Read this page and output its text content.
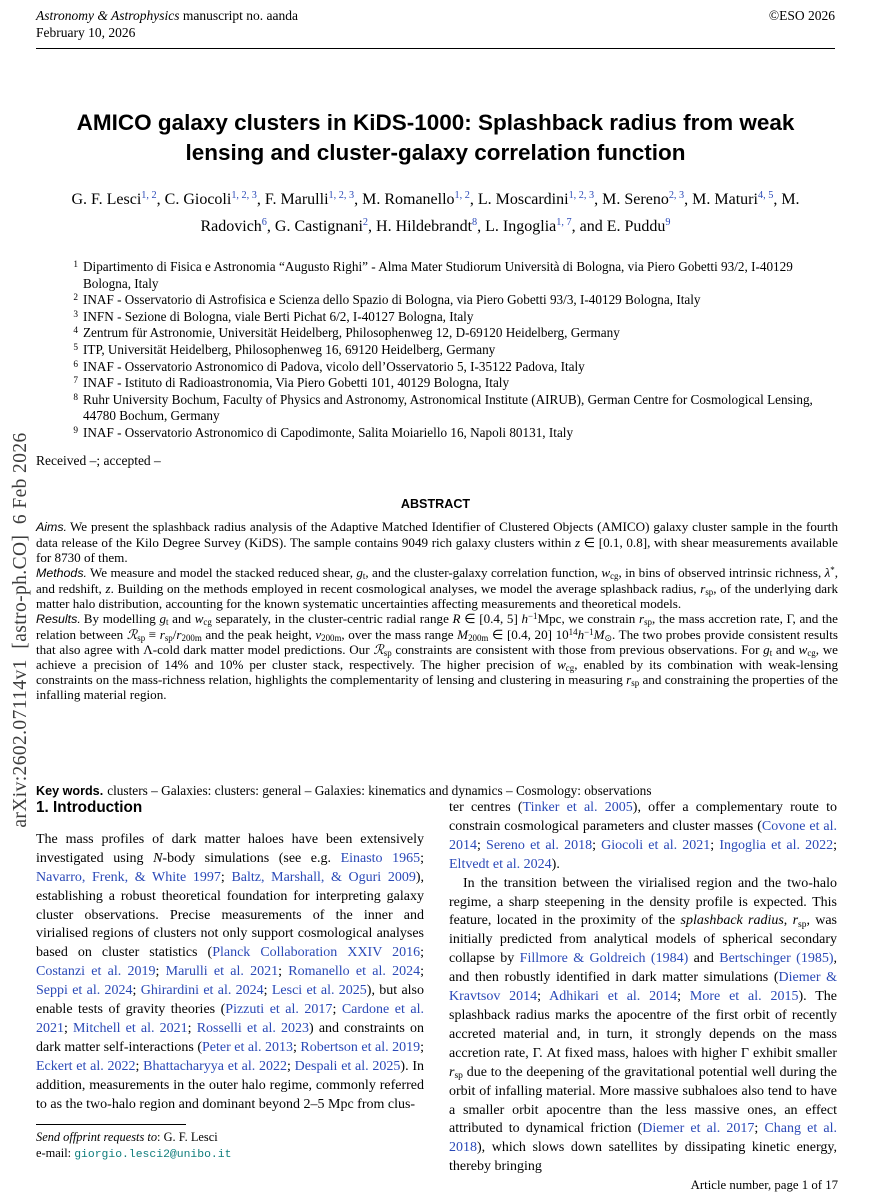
arXiv:2602.07114v1  [astro-ph.CO]  6 Feb 2026
©ESO 2026
Astronomy & Astrophysics manuscript no. aanda
February 10, 2026
AMICO galaxy clusters in KiDS-1000: Splashback radius from weak lensing and cluster-galaxy correlation function
G. F. Lesci$^{1, 2}$, C. Giocoli$^{1, 2, 3}$, F. Marulli$^{1, 2, 3}$, M. Romanello$^{1, 2}$, L. Moscardini$^{1, 2, 3}$, M. Sereno$^{2, 3}$, M. Maturi$^{4, 5}$, M. Radovich$^6$, G. Castignani$^2$, H. Hildebrandt$^8$, L. Ingoglia$^{1, 7}$, and E. Puddu$^9$
1 Dipartimento di Fisica e Astronomia “Augusto Righi” - Alma Mater Studiorum Università di Bologna, via Piero Gobetti 93/2, I-40129 Bologna, Italy
2 INAF - Osservatorio di Astrofisica e Scienza dello Spazio di Bologna, via Piero Gobetti 93/3, I-40129 Bologna, Italy
3 INFN - Sezione di Bologna, viale Berti Pichat 6/2, I-40127 Bologna, Italy
4 Zentrum für Astronomie, Universität Heidelberg, Philosophenweg 12, D-69120 Heidelberg, Germany
5 ITP, Universität Heidelberg, Philosophenweg 16, 69120 Heidelberg, Germany
6 INAF - Osservatorio Astronomico di Padova, vicolo dell’Osservatorio 5, I-35122 Padova, Italy
7 INAF - Istituto di Radioastronomia, Via Piero Gobetti 101, 40129 Bologna, Italy
8 Ruhr University Bochum, Faculty of Physics and Astronomy, Astronomical Institute (AIRUB), German Centre for Cosmological Lensing, 44780 Bochum, Germany
9 INAF - Osservatorio Astronomico di Capodimonte, Salita Moiariello 16, Napoli 80131, Italy
Received –; accepted –
ABSTRACT

Aims. We present the splashback radius analysis of the Adaptive Matched Identifier of Clustered Objects (AMICO) galaxy cluster sample in the fourth data release of the Kilo Degree Survey (KiDS). The sample contains 9049 rich galaxy clusters within z ∈ [0.1, 0.8], with shear measurements available for 8730 of them.

Methods. We measure and model the stacked reduced shear, gt, and the cluster-galaxy correlation function, wcg, in bins of observed intrinsic richness, λ*, and redshift, z. Building on the methods employed in recent cosmological analyses, we model the average splashback radius, rsp, of the underlying dark matter halo distribution, accounting for the known systematic uncertainties affecting measurements and theoretical models.

Results. By modelling gt and wcg separately, in the cluster-centric radial range R ∈ [0.4, 5] $h^{-1}Mpc$, we constrain rsp, the mass accretion rate, Γ, and the relation between ℛsp ≡ rsp/r200m and the peak height, ν200m, over the mass range M200m ∈ [0.4, 20] $10^{14}h^{-1}M⊙$. The two probes provide consistent results that also agree with Λ-cold dark matter model predictions. Our ℛsp constraints are consistent with those from previous observations. For gt and wcg, we achieve a precision of 14% and 10% per cluster stack, respectively. The higher precision of wcg, enabled by its combination with weak-lensing constraints on the mass-richness relation, highlights the complementarity of lensing and clustering in measuring rsp and constraining the properties of the infalling material region.

Key words. clusters – Galaxies: clusters: general – Galaxies: kinematics and dynamics – Cosmology: observations
1. Introduction

The mass profiles of dark matter haloes have been extensively investigated using N-body simulations (see e.g. Einasto 1965; Navarro, Frenk, & White 1997; Baltz, Marshall, & Oguri 2009), establishing a robust theoretical foundation for interpreting galaxy cluster observations. Precise measurements of the inner and virialised regions of clusters not only support cosmological analyses based on cluster statistics (Planck Collaboration XXIV 2016; Costanzi et al. 2019; Marulli et al. 2021; Romanello et al. 2024; Seppi et al. 2024; Ghirardini et al. 2024; Lesci et al. 2025), but also enable tests of gravity theories (Pizzuti et al. 2017; Cardone et al. 2021; Mitchell et al. 2021; Rosselli et al. 2023) and constraints on dark matter self-interactions (Peter et al. 2013; Robertson et al. 2019; Eckert et al. 2022; Bhattacharyya et al. 2022; Despali et al. 2025). In addition, measurements in the outer halo regime, commonly referred to as the two-halo region and dominant beyond 2–5 Mpc from clus-

ter centres (Tinker et al. 2005), offer a complementary route to constrain cosmological parameters and cluster masses (Covone et al. 2014; Sereno et al. 2018; Giocoli et al. 2021; Ingoglia et al. 2022; Eltvedt et al. 2024).

In the transition between the virialised region and the two-halo regime, a sharp steepening in the density profile is expected. This feature, located in the proximity of the splashback radius, rsp, was initially predicted from analytical models of spherical secondary collapse by Fillmore & Goldreich (1984) and Bertschinger (1985), and then robustly identified in dark matter simulations (Diemer & Kravtsov 2014; Adhikari et al. 2014; More et al. 2015). The splashback radius marks the apocentre of the first orbit of recently accreted material and, in turn, it strongly depends on the mass accretion rate, Γ. At fixed mass, haloes with higher Γ exhibit smaller rsp due to the deepening of the gravitational potential well during the orbit of infalling material. More massive subhaloes also tend to have a smaller orbit apocentre than the less massive ones, an effect attributed to dynamical friction (Diemer et al. 2017; Chang et al. 2018), which slows down satellites by dissipating kinetic energy, thereby bringing

Send offprint requests to: G. F. Lesci
e-mail: giorgio.lesci2@unibo.it
Article number, page 1 of 17
